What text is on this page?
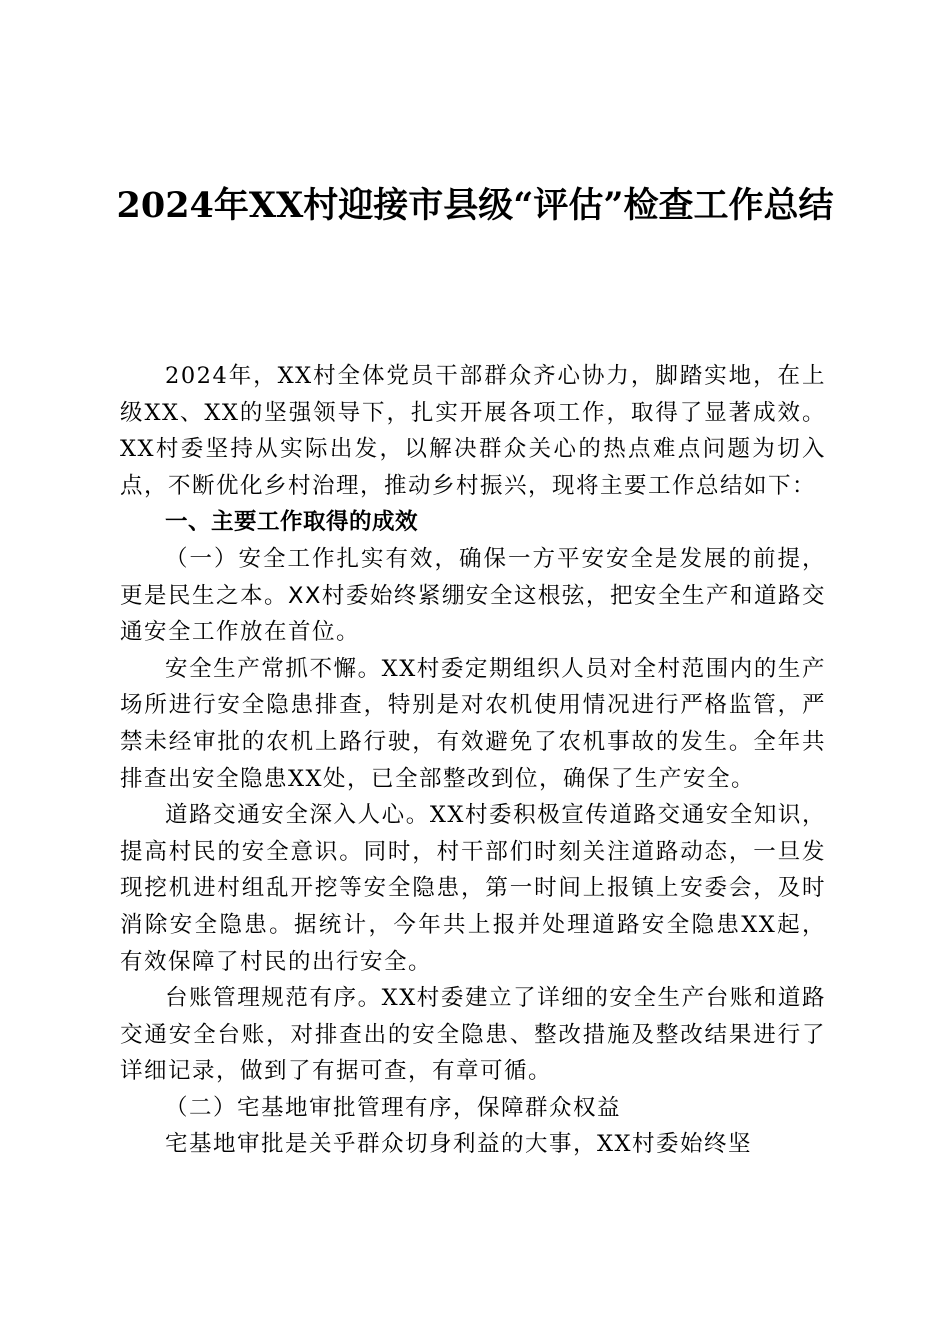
2024年XX村迎接市县级“评估”检查工作总结

2024年，XX村全体党员干部群众齐心协力，脚踏实地，在上级XX、XX的坚强领导下，扎实开展各项工作，取得了显著成效。XX村委坚持从实际出发，以解决群众关心的热点难点问题为切入点，不断优化乡村治理，推动乡村振兴，现将主要工作总结如下：

一、主要工作取得的成效

（一）安全工作扎实有效，确保一方平安安全是发展的前提，更是民生之本。XX村委始终紧绷安全这根弦，把安全生产和道路交通安全工作放在首位。

安全生产常抓不懈。XX村委定期组织人员对全村范围内的生产场所进行安全隐患排查，特别是对农机使用情况进行严格监管，严禁未经审批的农机上路行驶，有效避免了农机事故的发生。全年共排查出安全隐患XX处，已全部整改到位，确保了生产安全。

道路交通安全深入人心。XX村委积极宣传道路交通安全知识，提高村民的安全意识。同时，村干部们时刻关注道路动态，一旦发现挖机进村组乱开挖等安全隐患，第一时间上报镇上安委会，及时消除安全隐患。据统计，今年共上报并处理道路安全隐患XX起，有效保障了村民的出行安全。

台账管理规范有序。XX村委建立了详细的安全生产台账和道路交通安全台账，对排查出的安全隐患、整改措施及整改结果进行了详细记录，做到了有据可查，有章可循。

（二）宅基地审批管理有序，保障群众权益

宅基地审批是关乎群众切身利益的大事，XX村委始终坚
